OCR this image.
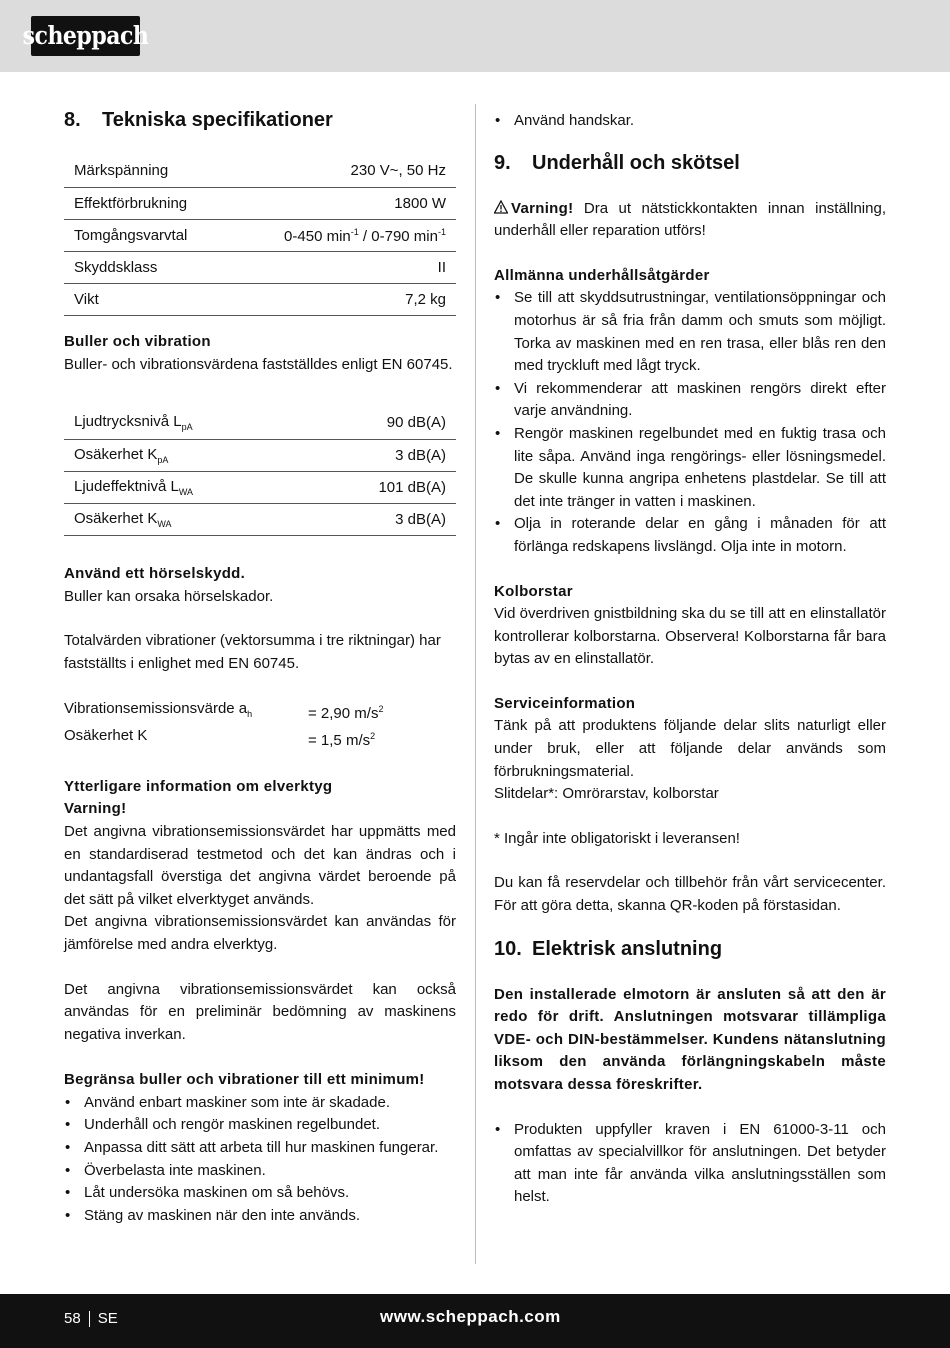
scheppach
8.	Tekniska specifikationer
Märkspänning	230 V~, 50 Hz
Effektförbrukning	1800 W
Tomgångsvarvtal	0-450 $\min^{-1} / 0-790$ $\min^{-1}$
Skyddsklass	II
Vikt	7,2 kg

Buller och vibration

Buller- och vibrationsvärdena fastställdes enligt EN 60745.

Ljudtrycksnivå $L_{pA}$	90 dB(A)
Osäkerhet $K_{pA}$	3 dB(A)
Ljudeffektnivå $L_{WA}$	101 dB(A)
Osäkerhet $K_{WA}$	3 dB(A)

Använd ett hörselskydd.

Buller kan orsaka hörselskador.

Totalvärden vibrationer (vektorsumma i tre riktningar) har fastställts i enlighet med EN 60745.

Vibrationsemissionsvärde $a_h$	= 2,90 $m/s^2$
Osäkerhet K	= 1,5 $m/s^2$

Ytterligare information om elverktyg

Varning!

Det angivna vibrationsemissionsvärdet har uppmätts med en standardiserad testmetod och det kan ändras och i undantagsfall överstiga det angivna värdet beroende på det sätt på vilket elverktyget används.

Det angivna vibrationsemissionsvärdet kan användas för jämförelse med andra elverktyg.

Det angivna vibrationsemissionsvärdet kan också användas för en preliminär bedömning av maskinens negativa inverkan.

Begränsa buller och vibrationer till ett minimum!

• Använd enbart maskiner som inte är skadade.
• Underhåll och rengör maskinen regelbundet.
• Anpassa ditt sätt att arbeta till hur maskinen fungerar.
• Överbelasta inte maskinen.
• Låt undersöka maskinen om så behövs.
• Stäng av maskinen när den inte används.
• Använd handskar.
9.	Underhåll och skötsel

Varning! Dra ut nätstickkontakten innan inställning, underhåll eller reparation utförs!

Allmänna underhållsåtgärder

• Se till att skyddsutrustningar, ventilationsöppningar och motorhus är så fria från damm och smuts som möjligt. Torka av maskinen med en ren trasa, eller blås ren den med tryckluft med lågt tryck.
• Vi rekommenderar att maskinen rengörs direkt efter varje användning.
• Rengör maskinen regelbundet med en fuktig trasa och lite såpa. Använd inga rengörings- eller lösningsmedel. De skulle kunna angripa enhetens plastdelar. Se till att det inte tränger in vatten i maskinen.
• Olja in roterande delar en gång i månaden för att förlänga redskapens livslängd. Olja inte in motorn.

Kolborstar

Vid överdriven gnistbildning ska du se till att en elinstallatör kontrollerar kolborstarna. Observera! Kolborstarna får bara bytas av en elinstallatör.

Serviceinformation

Tänk på att produktens följande delar slits naturligt eller under bruk, eller att följande delar används som förbrukningsmaterial.

Slitdelar*: Omrörarstav, kolborstar

* Ingår inte obligatoriskt i leveransen!

Du kan få reservdelar och tillbehör från vårt servicecenter. För att göra detta, skanna QR-koden på förstasidan.

10. Elektrisk anslutning

Den installerade elmotorn är ansluten så att den är redo för drift. Anslutningen motsvarar tillämpliga VDE- och DIN-bestämmelser. Kundens nätanslutning liksom den använda förlängningskabeln måste motsvara dessa föreskrifter.

• Produkten uppfyller kraven i EN 61000-3-11 och omfattas av specialvillkor för anslutningen. Det betyder att man inte får använda vilka anslutningsställen som helst.
58 SE	www.scheppach.com
